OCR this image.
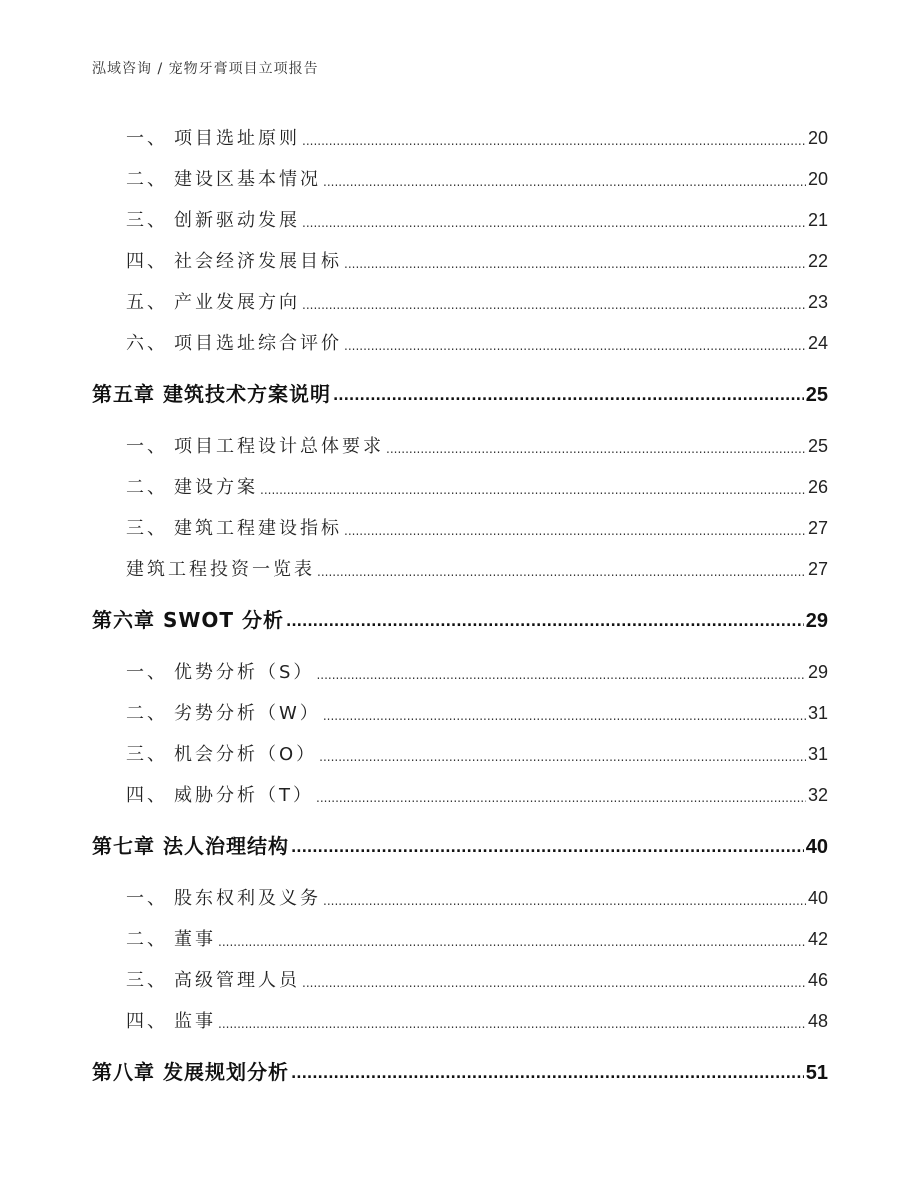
泓域咨询 / 宠物牙膏项目立项报告
一、 项目选址原则 .....	20
二、 建设区基本情况 .....	20
三、 创新驱动发展 .....	21
四、 社会经济发展目标 .....	22
五、 产业发展方向 .....	23
六、 项目选址综合评价 .....	24
第五章 建筑技术方案说明 .....	25
一、 项目工程设计总体要求 .....	25
二、 建设方案 .....	26
三、 建筑工程建设指标 .....	27
建筑工程投资一览表 .....	27
第六章 SWOT 分析 .....	29
一、 优势分析（S） .....	29
二、 劣势分析（W） .....	31
三、 机会分析（O） .....	31
四、 威胁分析（T） .....	32
第七章 法人治理结构 .....	40
一、 股东权利及义务 .....	40
二、 董事 .....	42
三、 高级管理人员 .....	46
四、 监事 .....	48
第八章 发展规划分析 .....	51
